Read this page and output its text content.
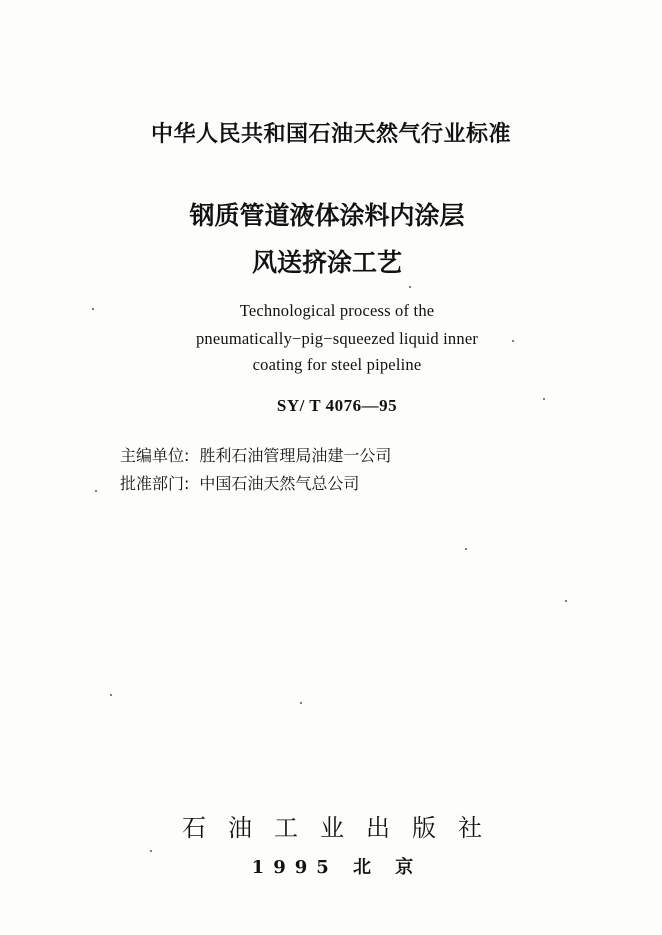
中华人民共和国石油天然气行业标准
钢质管道液体涂料内涂层
风送挤涂工艺
Technological process of the
pneumatically−pig−squeezed liquid inner
coating for steel pipeline
SY/ T 4076—95
主编单位: 胜利石油管理局油建一公司
批准部门: 中国石油天然气总公司
石油工业出版社
1995 北 京
